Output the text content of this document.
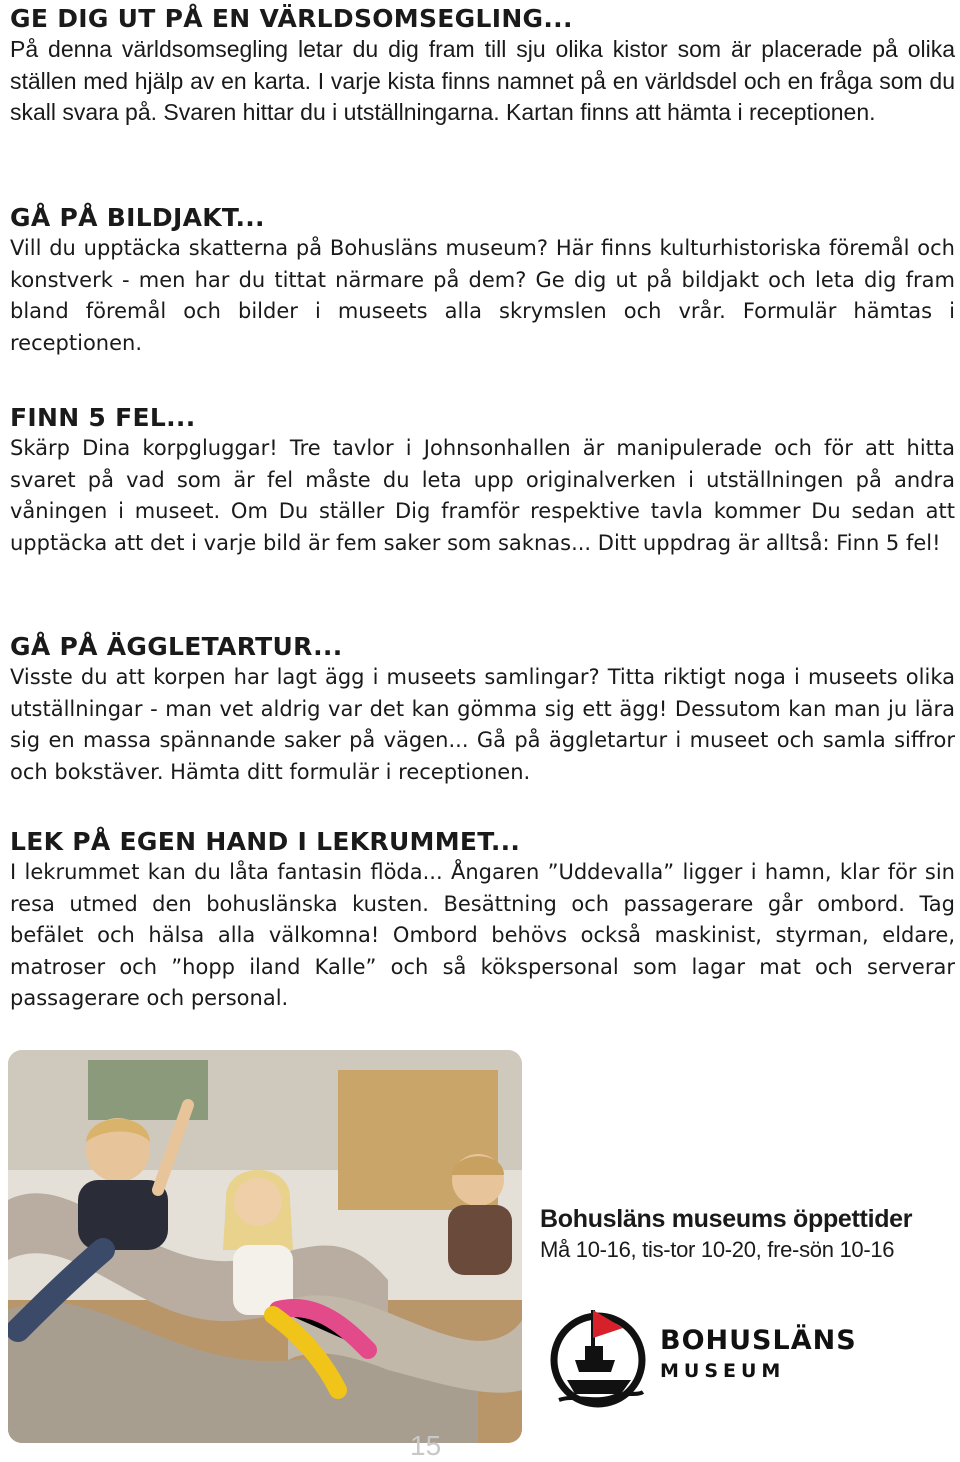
GE DIG UT PÅ EN VÄRLDSOMSEGLING...

På denna världsomsegling letar du dig fram till sju olika kistor som är placerade på olika ställen med hjälp av en karta. I varje kista finns namnet på en världsdel och en fråga som du skall svara på. Svaren hittar du i utställningarna. Kartan finns att hämta i receptionen.

GÅ PÅ BILDJAKT...

Vill du upptäcka skatterna på Bohusläns museum? Här finns kulturhistoriska föremål och konstverk - men har du tittat närmare på dem? Ge dig ut på bildjakt och leta dig fram bland föremål och bilder i museets alla skrymslen och vrår. Formulär hämtas i receptionen.

FINN 5 FEL...

Skärp Dina korpgluggar! Tre tavlor i Johnsonhallen är manipulerade och för att hitta svaret på vad som är fel måste du leta upp originalverken i utställningen på andra våningen i museet. Om Du ställer Dig framför respektive tavla kommer Du sedan att upptäcka att det i varje bild är fem saker som saknas... Ditt uppdrag är alltså: Finn 5 fel!

GÅ PÅ ÄGGLETARTUR...

Visste du att korpen har lagt ägg i museets samlingar? Titta riktigt noga i museets olika utställningar - man vet aldrig var det kan gömma sig ett ägg! Dessutom kan man ju lära sig en massa spännande saker på vägen... Gå på äggletartur i museet och samla siffror och bokstäver. Hämta ditt formulär i receptionen.

LEK PÅ EGEN HAND I LEKRUMMET...

I lekrummet kan du låta fantasin flöda... Ångaren ”Uddevalla” ligger i hamn, klar för sin resa utmed den bohuslänska kusten. Besättning och passagerare går ombord. Tag befälet och hälsa alla välkomna! Ombord behövs också maskinist, styrman, eldare, matroser och ”hopp iland Kalle” och så kökspersonal som lagar mat och serverar passagerare och personal.

Bohusläns museums öppettider

Må 10-16, tis-tor 10-20, fre-sön 10-16

BOHUSLÄNS

MUSEUM

15
